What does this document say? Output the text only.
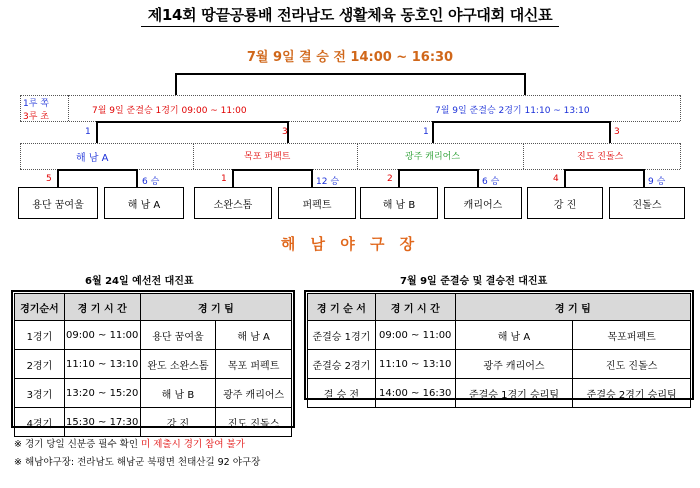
제14회 땅끝공룡배 전라남도 생활체육 동호인 야구대회 대신표
7월 9일 결 승 전 14:00 ~ 16:30
1루 쪽
3루 초
7월 9일 준결승 1경기 09:00 ~ 11:00	7월 9일 준결승 2경기 11:10 ~ 13:10
1	3	1	3
해 남 A	목포 퍼펙트	광주 캐리어스	진도 진돌스
5	6 승	1	12 승	2	6 승	4	9 승
용단 꿈여울	해 남 A	소완스톰	퍼펙트	해 남 B	캐리어스	강 진	진돌스
해 남 야 구 장
6월 24일 예선전 대진표
경기순서	경 기 시 간	경 기 팀	
1경기	09:00 ~ 11:00	용단 꿈여울	해 남 A
2경기	11:10 ~ 13:10	완도 소완스톰	목포 퍼펙트
3경기	13:20 ~ 15:20	해 남 B	광주 캐리어스
4경기	15:30 ~ 17:30	강 진	진도 진돌스
7월 9일 준결승 및 결승전 대진표
경 기 순 서	경 기 시 간	경 기 팀	
준결승 1경기	09:00 ~ 11:00	해 남 A	목포퍼펙트
준결승 2경기	11:10 ~ 13:10	광주 캐리어스	진도 진돌스
결 승 전	14:00 ~ 16:30	준결승 1경기 승리팀	준결승 2경기 승리팀
※ 경기 당일 신분증 필수 확인 미 제출시 경기 참여 불가
※ 해남야구장: 전라남도 해남군 북평면 천태산길 92 야구장
